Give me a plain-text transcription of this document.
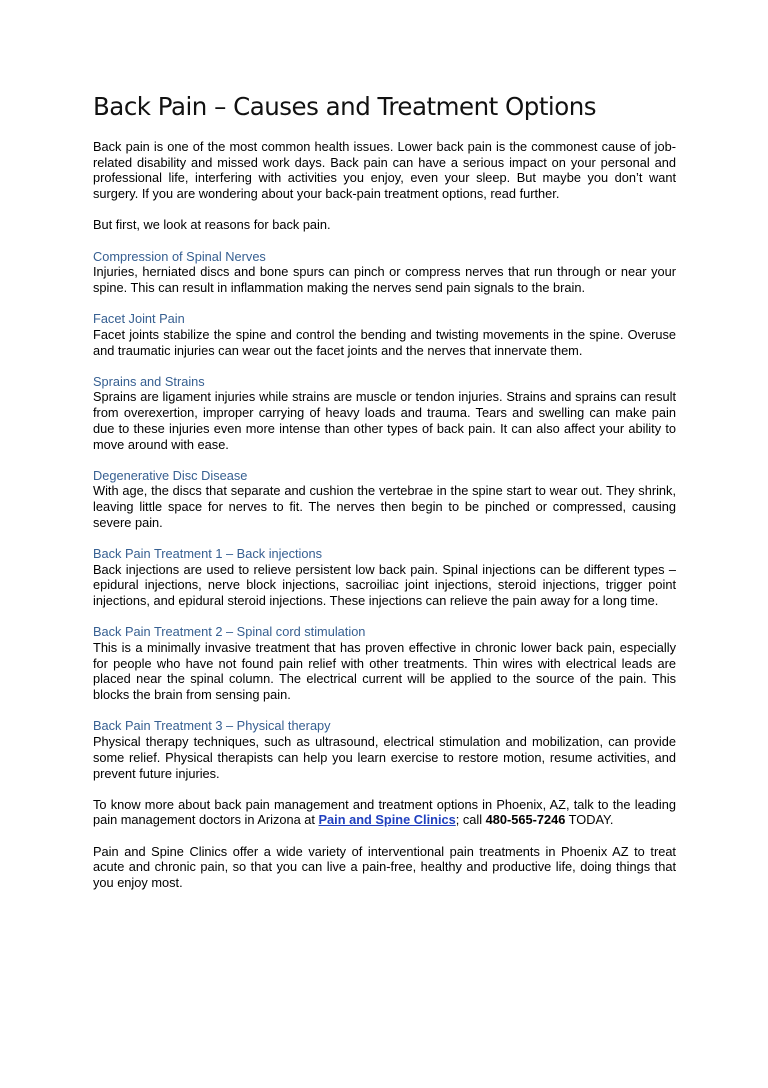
Back Pain – Causes and Treatment Options

Back pain is one of the most common health issues. Lower back pain is the commonest cause of job-related disability and missed work days. Back pain can have a serious impact on your personal and professional life, interfering with activities you enjoy, even your sleep. But maybe you don’t want surgery. If you are wondering about your back-pain treatment options, read further.

But first, we look at reasons for back pain.

Compression of Spinal Nerves
Injuries, herniated discs and bone spurs can pinch or compress nerves that run through or near your spine. This can result in inflammation making the nerves send pain signals to the brain.
Facet Joint Pain
Facet joints stabilize the spine and control the bending and twisting movements in the spine. Overuse and traumatic injuries can wear out the facet joints and the nerves that innervate them.
Sprains and Strains
Sprains are ligament injuries while strains are muscle or tendon injuries. Strains and sprains can result from overexertion, improper carrying of heavy loads and trauma. Tears and swelling can make pain due to these injuries even more intense than other types of back pain. It can also affect your ability to move around with ease.
Degenerative Disc Disease
With age, the discs that separate and cushion the vertebrae in the spine start to wear out. They shrink, leaving little space for nerves to fit. The nerves then begin to be pinched or compressed, causing severe pain.
Back Pain Treatment 1 – Back injections
Back injections are used to relieve persistent low back pain. Spinal injections can be different types – epidural injections, nerve block injections, sacroiliac joint injections, steroid injections, trigger point injections, and epidural steroid injections. These injections can relieve the pain away for a long time.
Back Pain Treatment 2 – Spinal cord stimulation
This is a minimally invasive treatment that has proven effective in chronic lower back pain, especially for people who have not found pain relief with other treatments. Thin wires with electrical leads are placed near the spinal column. The electrical current will be applied to the source of the pain. This blocks the brain from sensing pain.
Back Pain Treatment 3 – Physical therapy
Physical therapy techniques, such as ultrasound, electrical stimulation and mobilization, can provide some relief. Physical therapists can help you learn exercise to restore motion, resume activities, and prevent future injuries.

To know more about back pain management and treatment options in Phoenix, AZ, talk to the leading pain management doctors in Arizona at Pain and Spine Clinics; call 480-565-7246 TODAY.

Pain and Spine Clinics offer a wide variety of interventional pain treatments in Phoenix AZ to treat acute and chronic pain, so that you can live a pain-free, healthy and productive life, doing things that you enjoy most.
